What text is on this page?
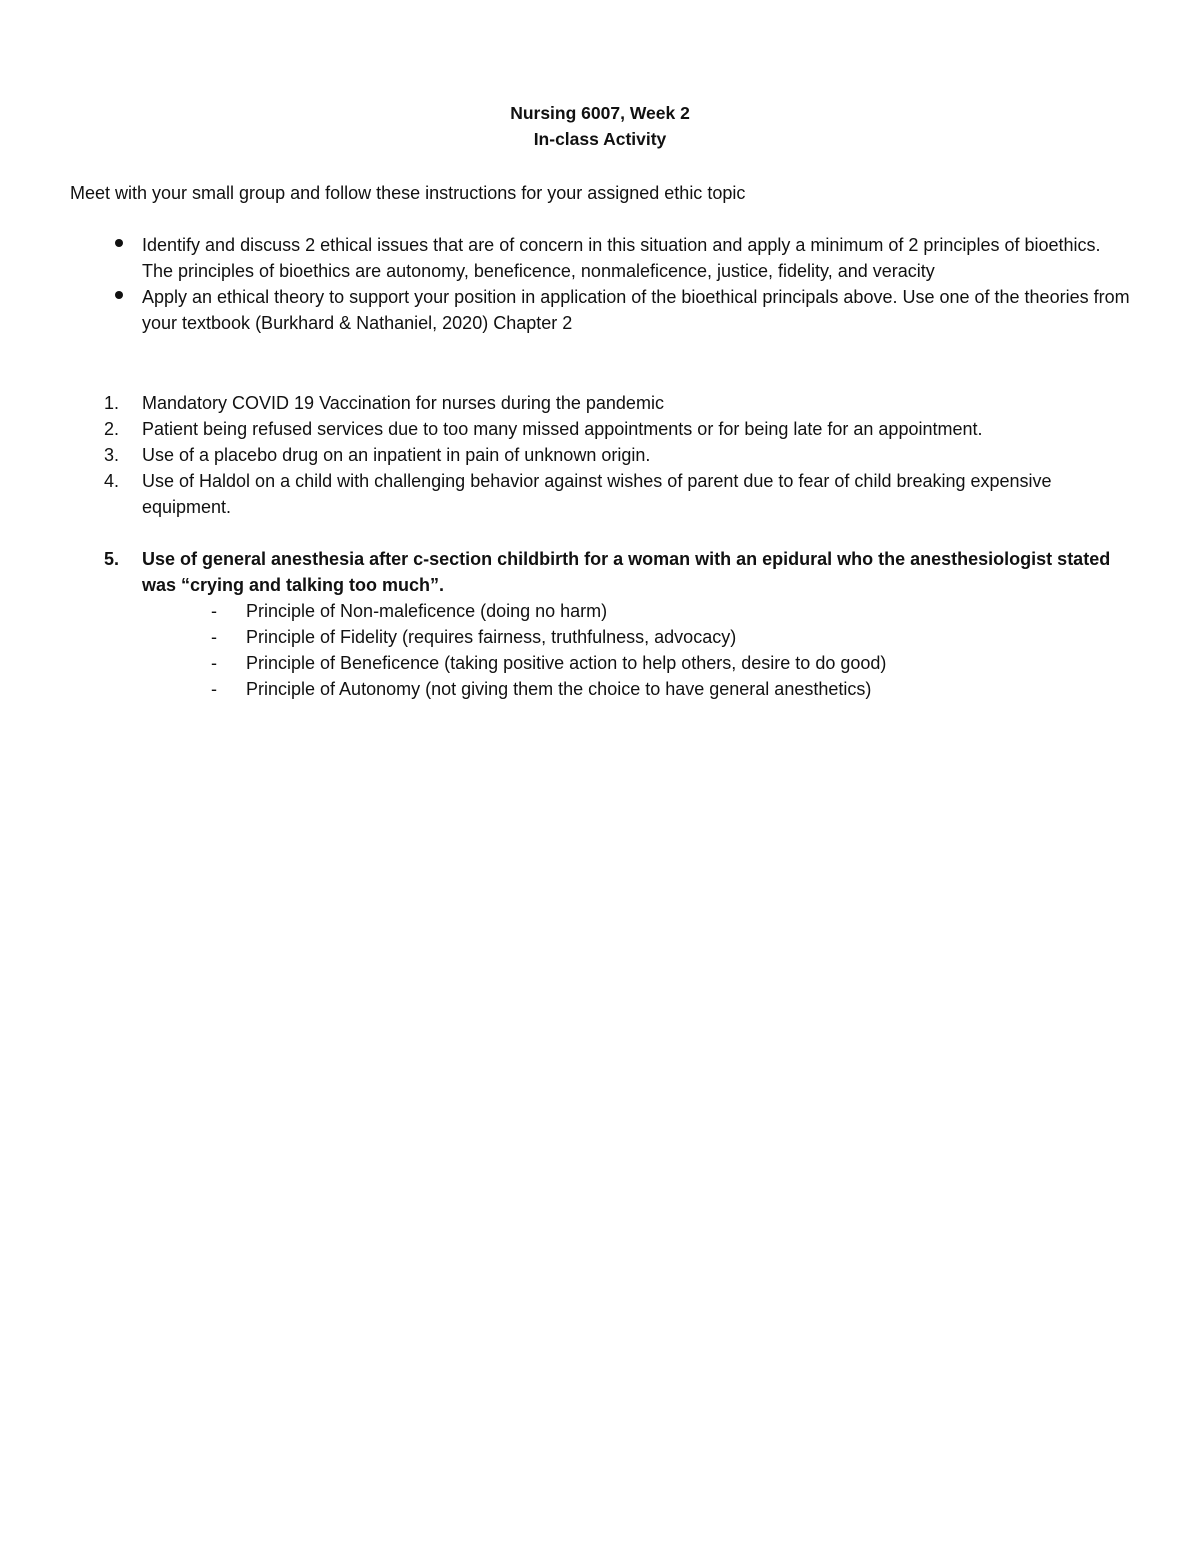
Nursing 6007, Week 2
In-class Activity
Meet with your small group and follow these instructions for your assigned ethic topic
Identify and discuss 2 ethical issues that are of concern in this situation and apply a minimum of 2 principles of bioethics. The principles of bioethics are autonomy, beneficence, nonmaleficence, justice, fidelity, and veracity
Apply an ethical theory to support your position in application of the bioethical principals above. Use one of the theories from your textbook (Burkhard & Nathaniel, 2020) Chapter 2
1.	Mandatory COVID 19 Vaccination for nurses during the pandemic
2.	Patient being refused services due to too many missed appointments or for being late for an appointment.
3.	Use of a placebo drug on an inpatient in pain of unknown origin.
4.	Use of Haldol on a child with challenging behavior against wishes of parent due to fear of child breaking expensive equipment.
5.	Use of general anesthesia after c-section childbirth for a woman with an epidural who the anesthesiologist stated was “crying and talking too much”.
- Principle of Non-maleficence (doing no harm)
- Principle of Fidelity (requires fairness, truthfulness, advocacy)
- Principle of Beneficence (taking positive action to help others, desire to do good)
- Principle of Autonomy (not giving them the choice to have general anesthetics)
